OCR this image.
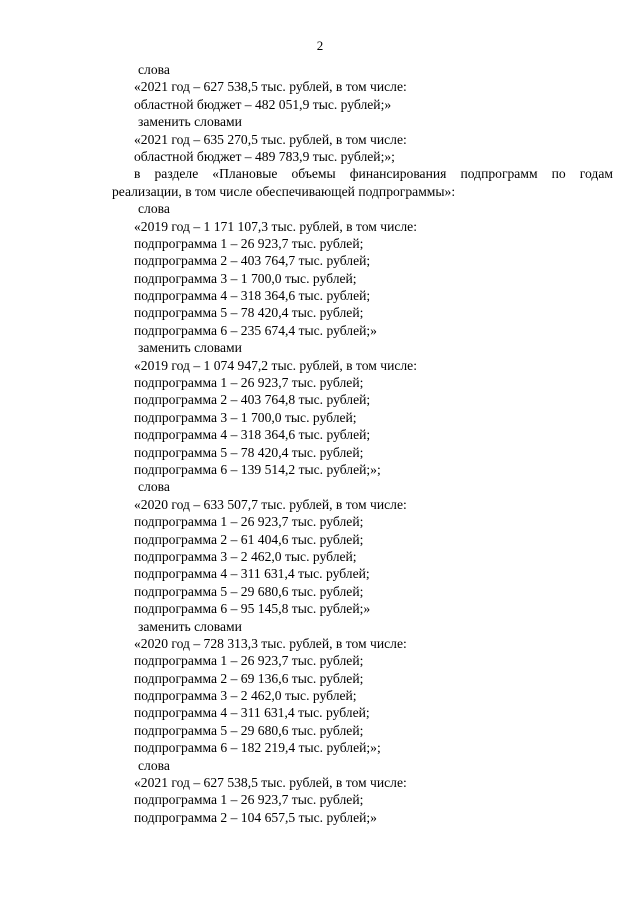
2
слова
«2021 год – 627 538,5 тыс. рублей, в том числе:
областной бюджет – 482 051,9 тыс. рублей;»
заменить словами
«2021 год – 635 270,5 тыс. рублей, в том числе:
областной бюджет – 489 783,9 тыс. рублей;»;
в разделе «Плановые объемы финансирования подпрограмм по годам
реализации, в том числе обеспечивающей подпрограммы»:
слова
«2019 год – 1 171 107,3 тыс. рублей, в том числе:
подпрограмма 1 – 26 923,7 тыс. рублей;
подпрограмма 2 – 403 764,7 тыс. рублей;
подпрограмма 3 – 1 700,0 тыс. рублей;
подпрограмма 4 – 318 364,6 тыс. рублей;
подпрограмма 5 – 78 420,4 тыс. рублей;
подпрограмма 6 – 235 674,4 тыс. рублей;»
заменить словами
«2019 год – 1 074 947,2 тыс. рублей, в том числе:
подпрограмма 1 – 26 923,7 тыс. рублей;
подпрограмма 2 – 403 764,8 тыс. рублей;
подпрограмма 3 – 1 700,0 тыс. рублей;
подпрограмма 4 – 318 364,6 тыс. рублей;
подпрограмма 5 – 78 420,4 тыс. рублей;
подпрограмма 6 – 139 514,2 тыс. рублей;»;
слова
«2020 год – 633 507,7 тыс. рублей, в том числе:
подпрограмма 1 – 26 923,7 тыс. рублей;
подпрограмма 2 – 61 404,6 тыс. рублей;
подпрограмма 3 – 2 462,0 тыс. рублей;
подпрограмма 4 – 311 631,4 тыс. рублей;
подпрограмма 5 – 29 680,6 тыс. рублей;
подпрограмма 6 – 95 145,8 тыс. рублей;»
заменить словами
«2020 год – 728 313,3 тыс. рублей, в том числе:
подпрограмма 1 – 26 923,7 тыс. рублей;
подпрограмма 2 – 69 136,6 тыс. рублей;
подпрограмма 3 – 2 462,0 тыс. рублей;
подпрограмма 4 – 311 631,4 тыс. рублей;
подпрограмма 5 – 29 680,6 тыс. рублей;
подпрограмма 6 – 182 219,4 тыс. рублей;»;
слова
«2021 год – 627 538,5 тыс. рублей, в том числе:
подпрограмма 1 – 26 923,7 тыс. рублей;
подпрограмма 2 – 104 657,5 тыс. рублей;»
